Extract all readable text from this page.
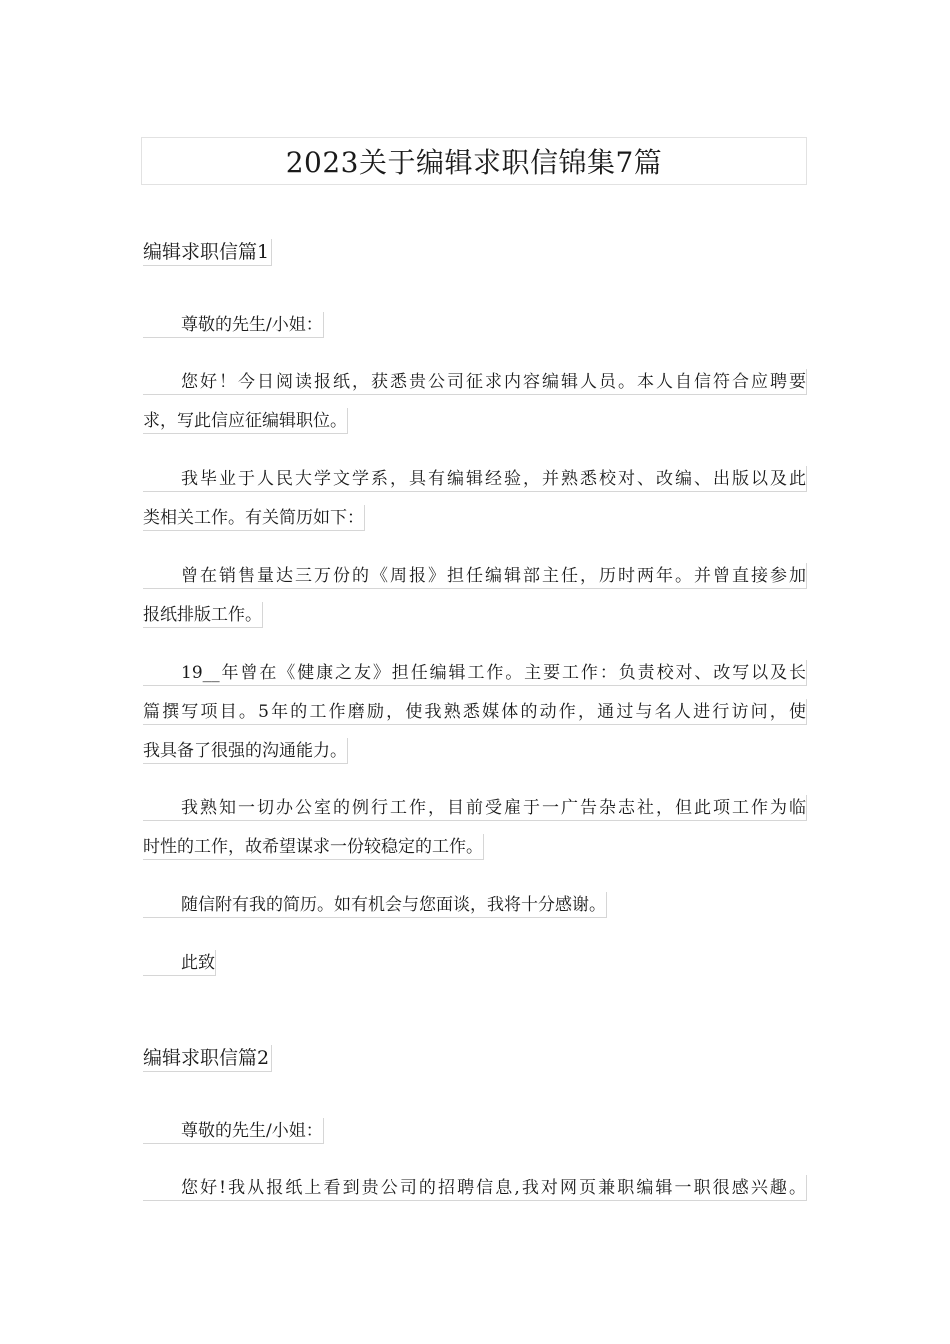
2023关于编辑求职信锦集7篇
编辑求职信篇1
尊敬的先生/小姐：
您好！今日阅读报纸，获悉贵公司征求内容编辑人员。本人自信符合应聘要
求，写此信应征编辑职位。
我毕业于人民大学文学系，具有编辑经验，并熟悉校对、改编、出版以及此
类相关工作。有关简历如下：
曾在销售量达三万份的《周报》担任编辑部主任，历时两年。并曾直接参加
报纸排版工作。
19__年曾在《健康之友》担任编辑工作。主要工作：负责校对、改写以及长
篇撰写项目。5年的工作磨励，使我熟悉媒体的动作，通过与名人进行访问，使
我具备了很强的沟通能力。
我熟知一切办公室的例行工作，目前受雇于一广告杂志社，但此项工作为临
时性的工作，故希望谋求一份较稳定的工作。
随信附有我的简历。如有机会与您面谈，我将十分感谢。
此致
编辑求职信篇2
尊敬的先生/小姐：
您好!我从报纸上看到贵公司的招聘信息,我对网页兼职编辑一职很感兴趣。
